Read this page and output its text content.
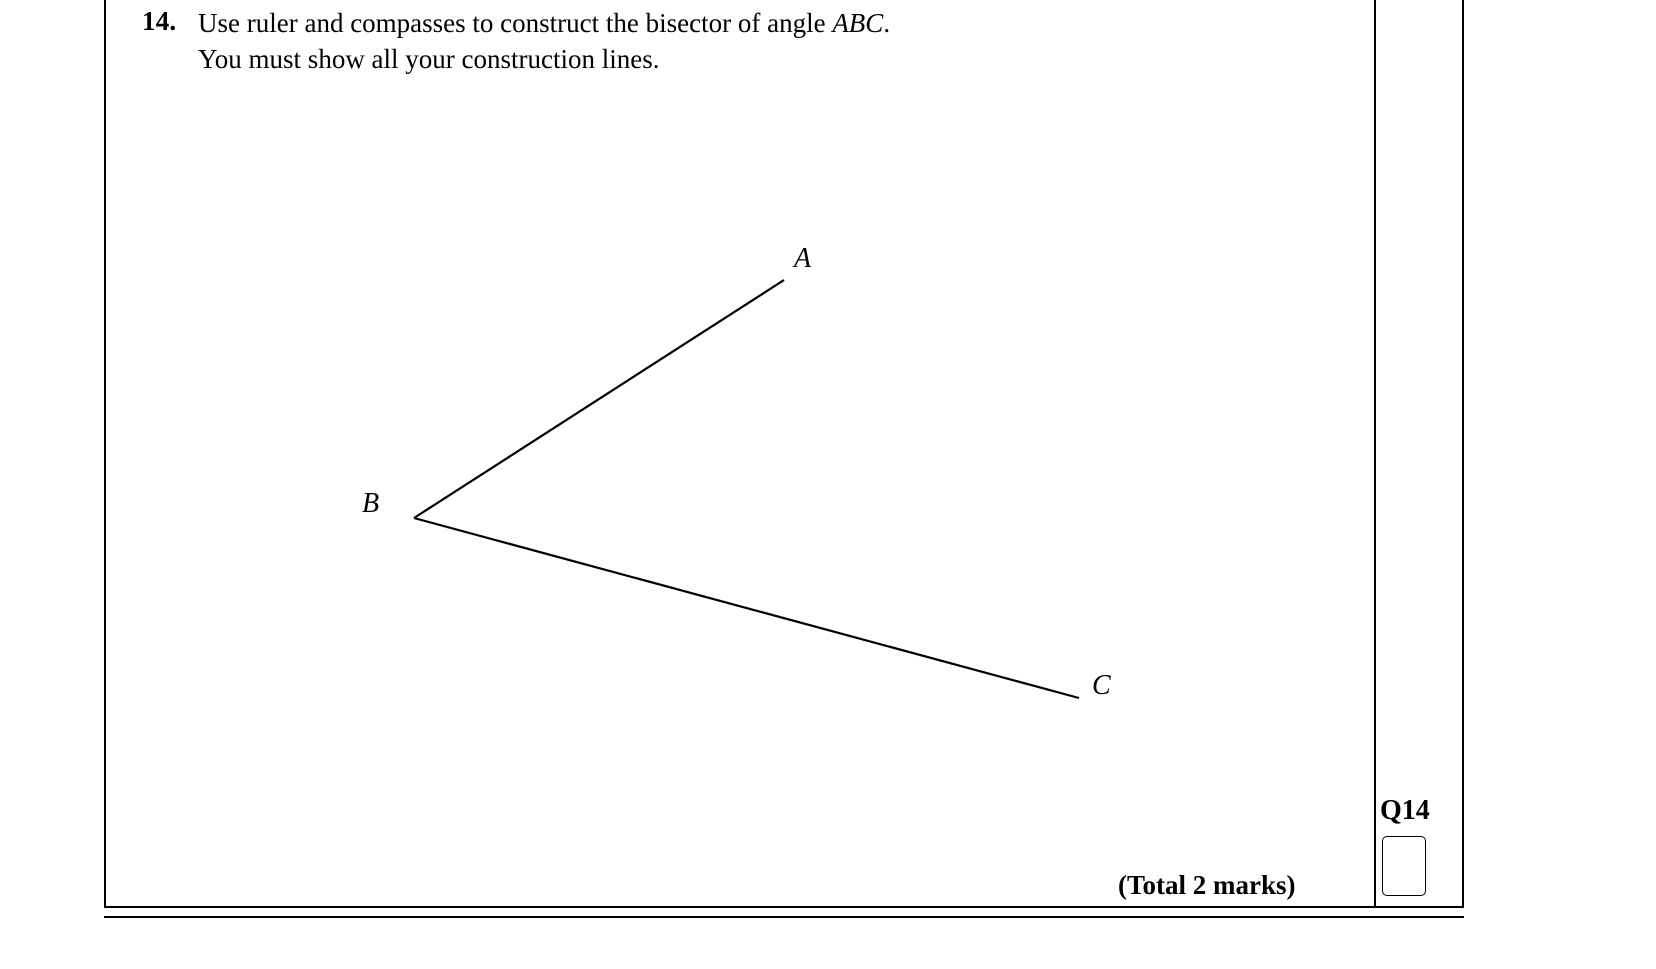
14. Use ruler and compasses to construct the bisector of angle ABC.
You must show all your construction lines.
A
B
C
Q14
(Total 2 marks)
